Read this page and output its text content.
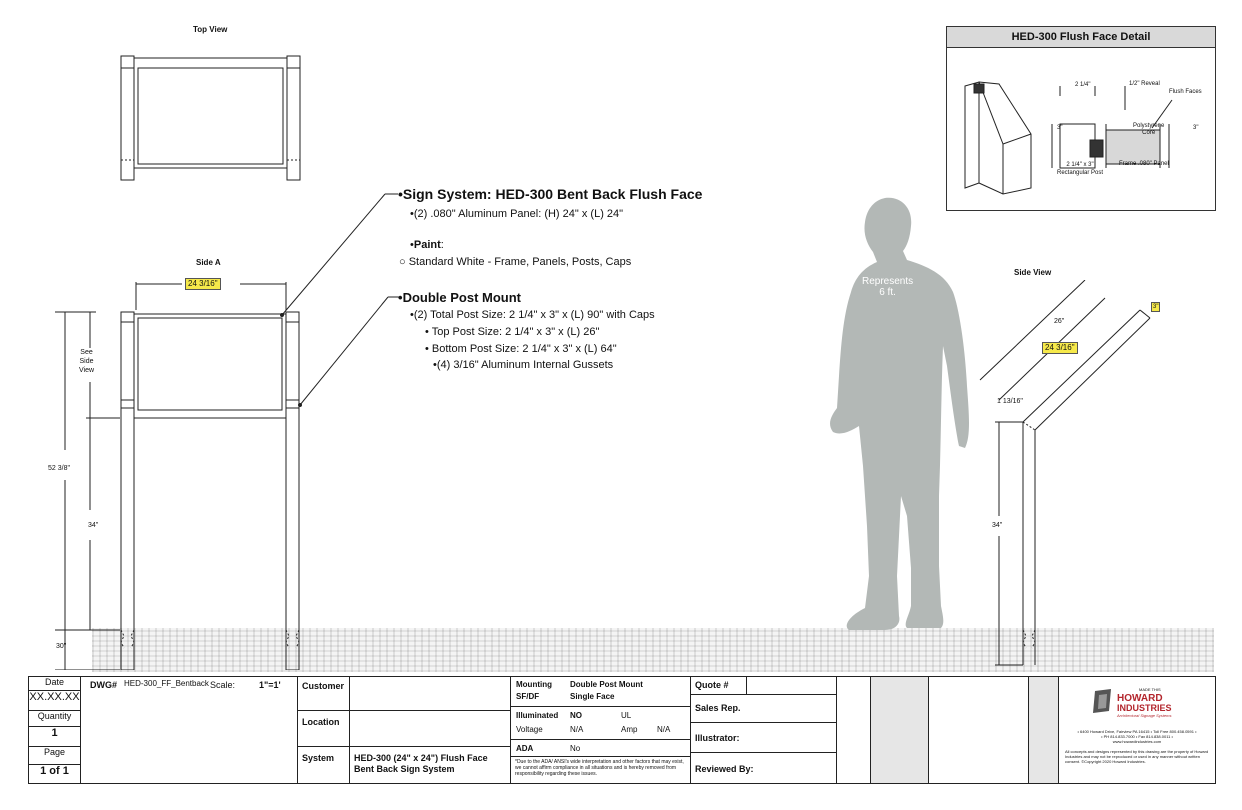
Top View
Side A
24 3/16"
See
Side
View
52 3/8"
34"
30"
•Sign System: HED-300 Bent Back Flush Face
•(2) .080" Aluminum Panel: (H) 24" x (L) 24"
•Paint:
○ Standard White - Frame, Panels, Posts, Caps
•Double Post Mount
•(2) Total Post Size: 2 1/4" x 3" x (L) 90" with Caps
• Top Post Size: 2 1/4" x 3" x (L) 26"
• Bottom Post Size: 2 1/4" x 3" x (L) 64"
•(4) 3/16" Aluminum Internal Gussets
Represents
6 ft.
Side View
26"
24 3/16"
1 13/16"
34"
3"
HED-300 Flush Face Detail
2 1/4"	1/2" Reveal
Flush Faces
3"	3"
Polystyrene
Core
2 1/4" x 3"
Rectangular Post
Frame .080" Panel
Date
XX.XX.XX
Quantity
1
Page
1 of 1
DWG# HED-300_FF_Bentback Scale:	1"=1' Customer
Location
System	HED-300 (24" x 24") Flush Face Bent Back Sign System
Mounting Double Post Mount
SF/DF	Single Face
Illuminated NO	UL
Voltage	N/A	Amp N/A
ADA	No
*Due to the ADA/ ANSI's wide interpretation and other factors that may exist, we cannot affirm compliance in all situations and is hereby removed from responsibility regarding these issues.
Quote #
Sales Rep.
Illustrator:
Reviewed By:
MADE THIS
HOWARD
INDUSTRIES
Architectural Signage Systems
• 6400 Howard Drive, Fairview PA 16415 • Toll Free 800.458.0591 •
• PH 814.833.7000 • Fax 814.838.0011 •
www.howardindustries.com
All concepts and designs represented by this drawing are the property of Howard Industries and may not be reproduced or used in any manner without written consent. ©Copyright 2020 Howard Industries.
